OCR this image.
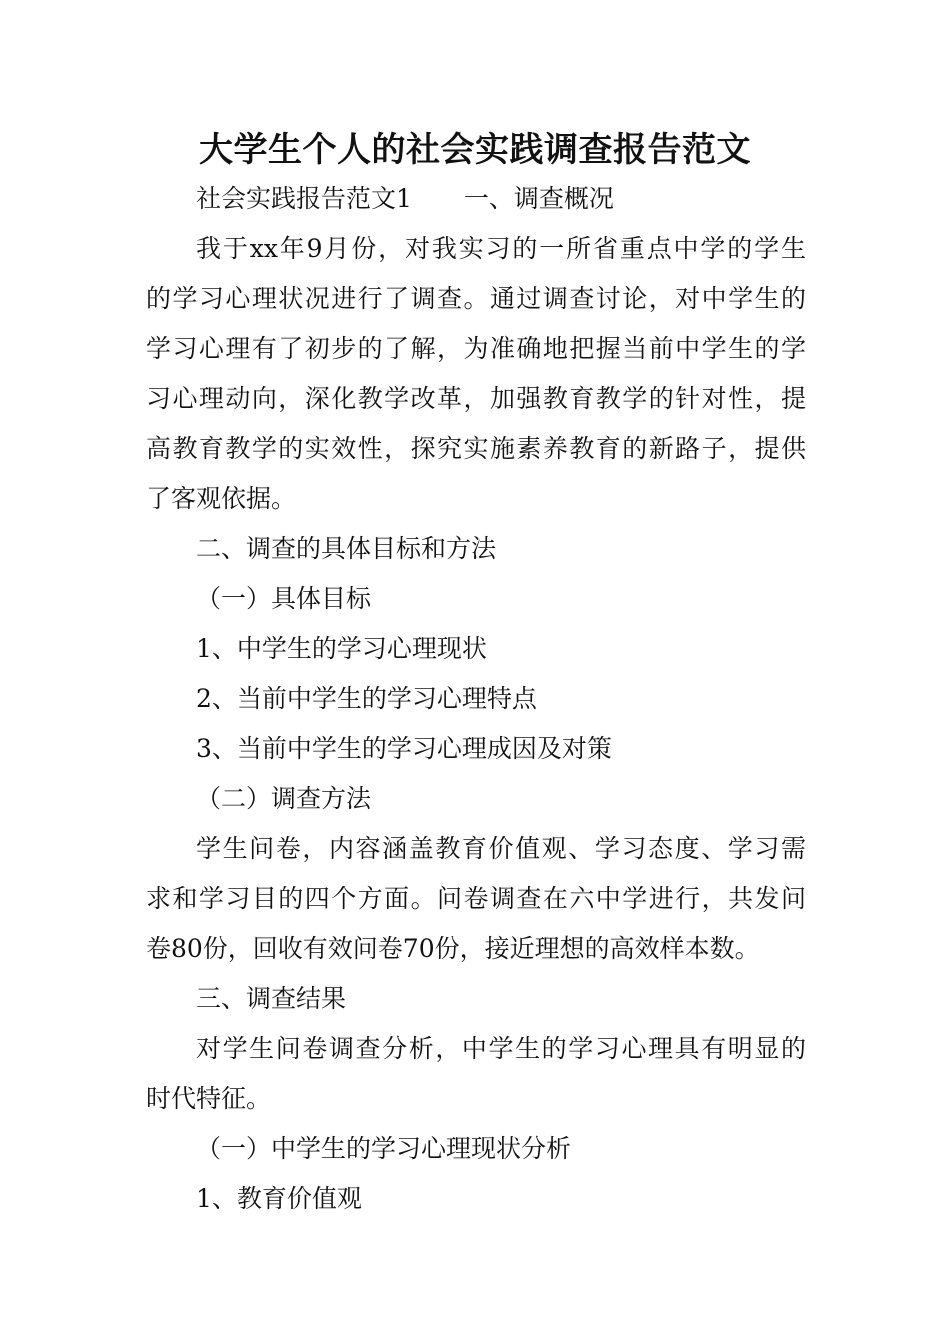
大学生个人的社会实践调查报告范文
社会实践报告范文1 一、调查概况
我于xx年9月份，对我实习的一所省重点中学的学生
的学习心理状况进行了调查。通过调查讨论，对中学生的
学习心理有了初步的了解，为准确地把握当前中学生的学
习心理动向，深化教学改革，加强教育教学的针对性，提
高教育教学的实效性，探究实施素养教育的新路子，提供
了客观依据。
二、调查的具体目标和方法
（一）具体目标
1、中学生的学习心理现状
2、当前中学生的学习心理特点
3、当前中学生的学习心理成因及对策
（二）调查方法
学生问卷，内容涵盖教育价值观、学习态度、学习需
求和学习目的四个方面。问卷调查在六中学进行，共发问
卷80份，回收有效问卷70份，接近理想的高效样本数。
三、调查结果
对学生问卷调查分析，中学生的学习心理具有明显的
时代特征。
（一）中学生的学习心理现状分析
1、教育价值观
